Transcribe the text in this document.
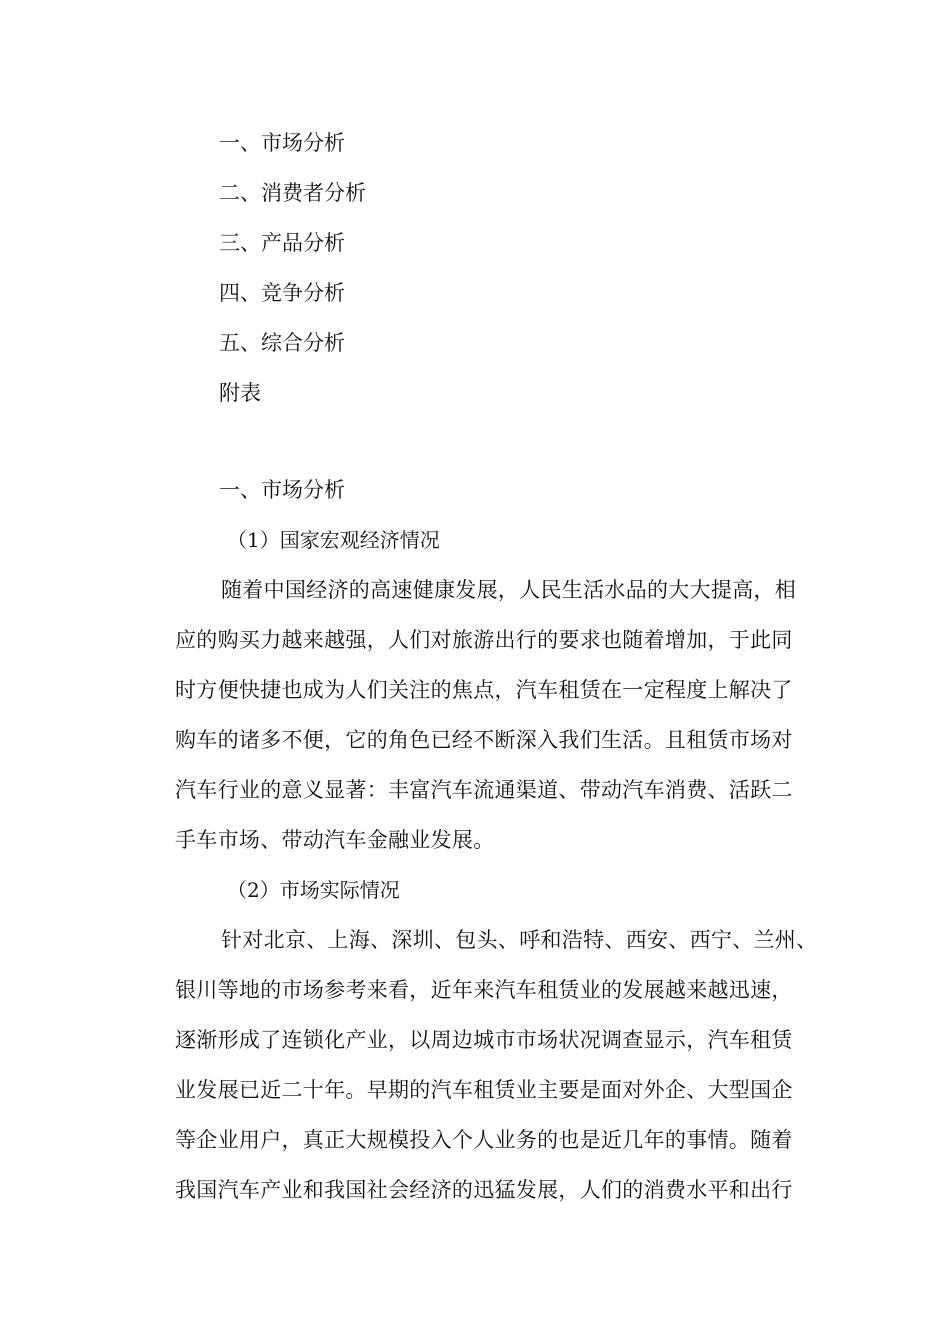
一、市场分析
二、消费者分析
三、产品分析
四、竞争分析
五、综合分析
附表
一、市场分析
（1）国家宏观经济情况
随着中国经济的高速健康发展，人民生活水品的大大提高，相
应的购买力越来越强，人们对旅游出行的要求也随着增加，于此同
时方便快捷也成为人们关注的焦点，汽车租赁在一定程度上解决了
购车的诸多不便，它的角色已经不断深入我们生活。且租赁市场对
汽车行业的意义显著：丰富汽车流通渠道、带动汽车消费、活跃二
手车市场、带动汽车金融业发展。
（2）市场实际情况
针对北京、上海、深圳、包头、呼和浩特、西安、西宁、兰州、
银川等地的市场参考来看，近年来汽车租赁业的发展越来越迅速，
逐渐形成了连锁化产业，以周边城市市场状况调查显示，汽车租赁
业发展已近二十年。早期的汽车租赁业主要是面对外企、大型国企
等企业用户，真正大规模投入个人业务的也是近几年的事情。随着
我国汽车产业和我国社会经济的迅猛发展，人们的消费水平和出行
